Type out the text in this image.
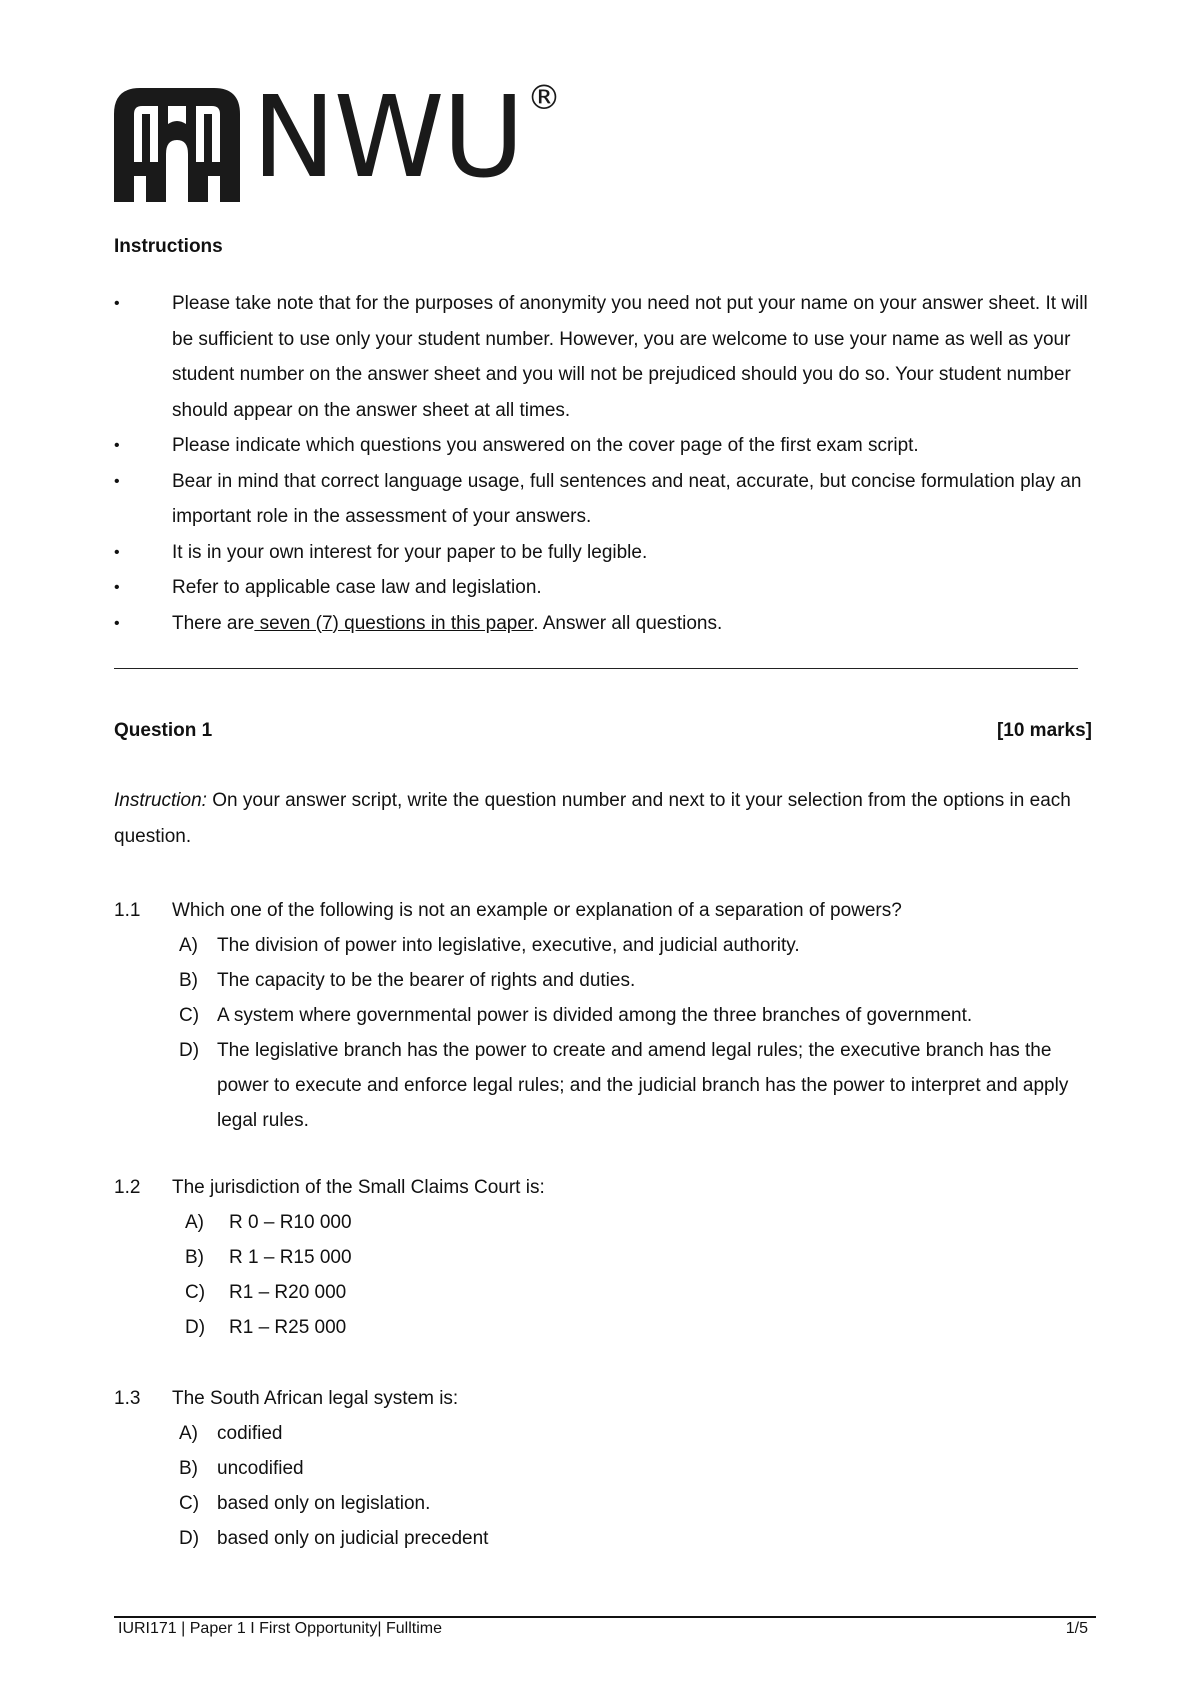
NWU ®
Instructions
•	Please take note that for the purposes of anonymity you need not put your name on your answer sheet. It will be sufficient to use only your student number. However, you are welcome to use your name as well as your student number on the answer sheet and you will not be prejudiced should you do so. Your student number should appear on the answer sheet at all times.
•	Please indicate which questions you answered on the cover page of the first exam script.
•	Bear in mind that correct language usage, full sentences and neat, accurate, but concise formulation play an important role in the assessment of your answers.
•	It is in your own interest for your paper to be fully legible.
•	Refer to applicable case law and legislation.
•	There are seven (7) questions in this paper. Answer all questions.
Question 1	[10 marks]
Instruction: On your answer script, write the question number and next to it your selection from the options in each question.
1.1 Which one of the following is not an example or explanation of a separation of powers?
A) The division of power into legislative, executive, and judicial authority.
B) The capacity to be the bearer of rights and duties.
C) A system where governmental power is divided among the three branches of government.
D) The legislative branch has the power to create and amend legal rules; the executive branch has the power to execute and enforce legal rules; and the judicial branch has the power to interpret and apply legal rules.
1.2 The jurisdiction of the Small Claims Court is:
A) R 0 – R10 000
B) R 1 – R15 000
C) R1 – R20 000
D) R1 – R25 000
1.3 The South African legal system is:
A) codified
B) uncodified
C) based only on legislation.
D) based only on judicial precedent
IURI171 | Paper 1 I First Opportunity| Fulltime	1/5
